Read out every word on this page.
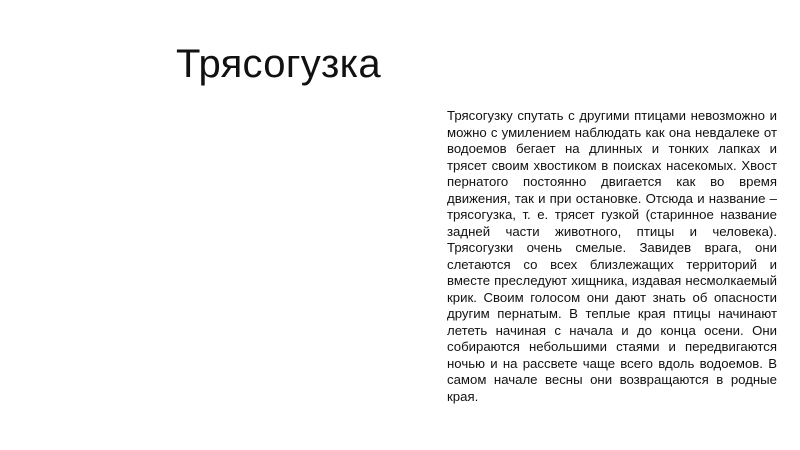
Трясогузка

Трясогузку спутать с другими птицами невозможно и можно с умилением наблюдать как она невдалеке от водоемов бегает на длинных и тонких лапках и трясет своим хвостиком в поисках насекомых. Хвост пернатого постоянно двигается как во время движения, так и при остановке. Отсюда и название – трясогузка, т. е. трясет гузкой (старинное название задней части животного, птицы и человека). Трясогузки очень смелые. Завидев врага, они слетаются со всех близлежащих территорий и вместе преследуют хищника, издавая несмолкаемый крик. Своим голосом они дают знать об опасности другим пернатым. В теплые края птицы начинают лететь начиная с начала и до конца осени. Они собираются небольшими стаями и передвигаются ночью и на рассвете чаще всего вдоль водоемов. В самом начале весны они возвращаются в родные края.
